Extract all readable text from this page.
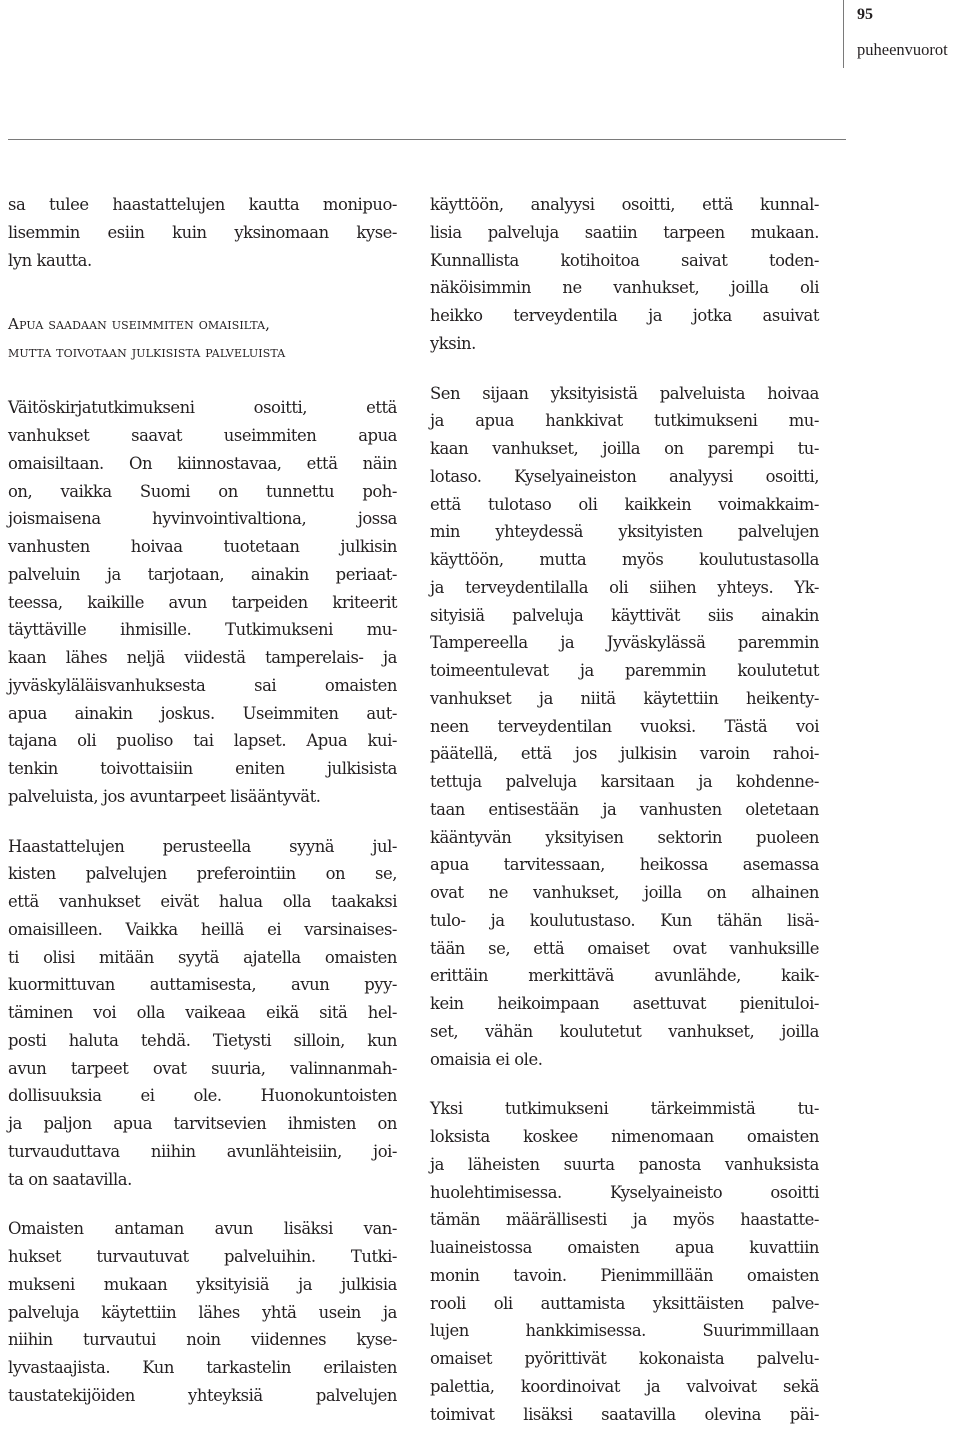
95
puheenvuorot
sa tulee haastattelujen kautta monipuo-
lisemmin esiin kuin yksinomaan kyse-
lyn kautta.
Apua saadaan useimmiten omaisilta,
mutta toivotaan julkisista palveluista
Väitöskirjatutkimukseni osoitti, että
vanhukset saavat useimmiten apua
omaisiltaan. On kiinnostavaa, että näin
on, vaikka Suomi on tunnettu poh-
joismaisena hyvinvointivaltiona, jossa
vanhusten hoivaa tuotetaan julkisin
palveluin ja tarjotaan, ainakin periaat-
teessa, kaikille avun tarpeiden kriteerit
täyttäville ihmisille. Tutkimukseni mu-
kaan lähes neljä viidestä tamperelais- ja
jyväskyläläisvanhuksesta sai omaisten
apua ainakin joskus. Useimmiten aut-
tajana oli puoliso tai lapset. Apua kui-
tenkin toivottaisiin eniten julkisista
palveluista, jos avuntarpeet lisääntyvät.
Haastattelujen perusteella syynä jul-
kisten palvelujen preferointiin on se,
että vanhukset eivät halua olla taakaksi
omaisilleen. Vaikka heillä ei varsinaises-
ti olisi mitään syytä ajatella omaisten
kuormittuvan auttamisesta, avun pyy-
täminen voi olla vaikeaa eikä sitä hel-
posti haluta tehdä. Tietysti silloin, kun
avun tarpeet ovat suuria, valinnanmah-
dollisuuksia ei ole. Huonokuntoisten
ja paljon apua tarvitsevien ihmisten on
turvauduttava niihin avunlähteisiin, joi-
ta on saatavilla.
Omaisten antaman avun lisäksi van-
hukset turvautuvat palveluihin. Tutki-
mukseni mukaan yksityisiä ja julkisia
palveluja käytettiin lähes yhtä usein ja
niihin turvautui noin viidennes kyse-
lyvastaajista. Kun tarkastelin erilaisten
taustatekijöiden yhteyksiä palvelujen
käyttöön, analyysi osoitti, että kunnal-
lisia palveluja saatiin tarpeen mukaan.
Kunnallista kotihoitoa saivat toden-
näköisimmin ne vanhukset, joilla oli
heikko terveydentila ja jotka asuivat
yksin.
Sen sijaan yksityisistä palveluista hoivaa
ja apua hankkivat tutkimukseni mu-
kaan vanhukset, joilla on parempi tu-
lotaso. Kyselyaineiston analyysi osoitti,
että tulotaso oli kaikkein voimakkaim-
min yhteydessä yksityisten palvelujen
käyttöön, mutta myös koulutustasolla
ja terveydentilalla oli siihen yhteys. Yk-
sityisiä palveluja käyttivät siis ainakin
Tampereella ja Jyväskylässä paremmin
toimeentulevat ja paremmin koulutetut
vanhukset ja niitä käytettiin heikenty-
neen terveydentilan vuoksi. Tästä voi
päätellä, että jos julkisin varoin rahoi-
tettuja palveluja karsitaan ja kohdenne-
taan entisestään ja vanhusten oletetaan
kääntyvän yksityisen sektorin puoleen
apua tarvitessaan, heikossa asemassa
ovat ne vanhukset, joilla on alhainen
tulo- ja koulutustaso. Kun tähän lisä-
tään se, että omaiset ovat vanhuksille
erittäin merkittävä avunlähde, kaik-
kein heikoimpaan asettuvat pienituloi-
set, vähän koulutetut vanhukset, joilla
omaisia ei ole.
Yksi tutkimukseni tärkeimmistä tu-
loksista koskee nimenomaan omaisten
ja läheisten suurta panosta vanhuksista
huolehtimisessa. Kyselyaineisto osoitti
tämän määrällisesti ja myös haastatte-
luaineistossa omaisten apua kuvattiin
monin tavoin. Pienimmillään omaisten
rooli oli auttamista yksittäisten palve-
lujen hankkimisessa. Suurimmillaan
omaiset pyörittivät kokonaista palvelu-
palettia, koordinoivat ja valvoivat sekä
toimivat lisäksi saatavilla olevina päi-
